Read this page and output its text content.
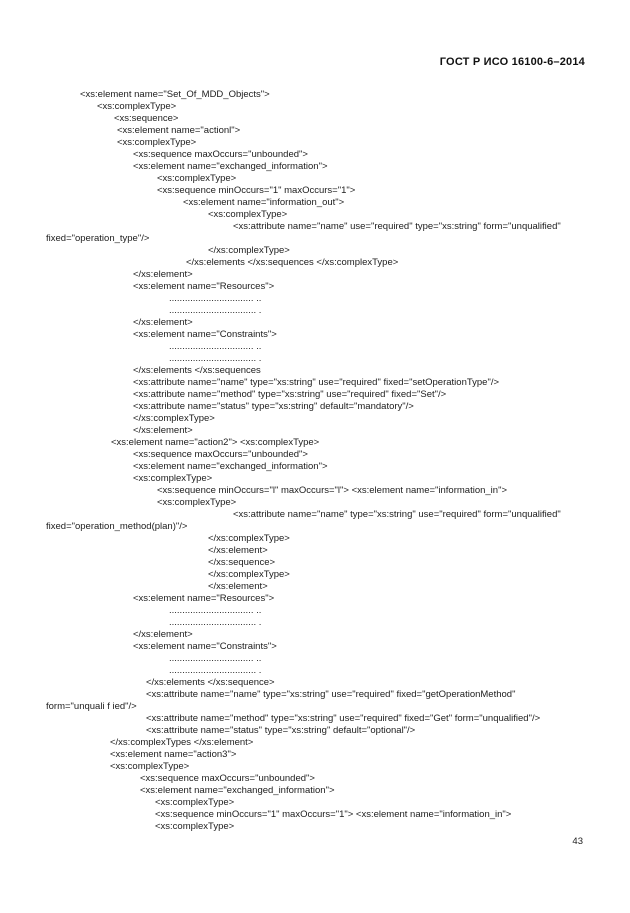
ГОСТ Р ИСО 16100-6–2014
<xs:element name="Set_Of_MDD_Objects">
<xs:complexType>
<xs:sequence>
<xs:element name="actionl">
<xs:complexType>
<xs:sequence maxOccurs="unbounded">
<xs:element name="exchanged_information">
<xs:complexType>
<xs:sequence minOccurs="1" maxOccurs="1">
<xs:element name="information_out">
<xs:complexType>
<xs:attribute name="name" use="required" type="xs:string" form="unqualified"
fixed="operation_type"/>
</xs:complexType>
</xs:elements </xs:sequences </xs:complexType>
</xs:element>
<xs:element name="Resources">
................................ ..
................................. .
</xs:element>
<xs:element name="Constraints">
................................ ..
................................. .
</xs:elements </xs:sequences
<xs:attribute name="name" type="xs:string" use="required" fixed="setOperationType"/>
<xs:attribute name="method" type="xs:string" use="required" fixed="Set"/>
<xs:attribute name="status" type="xs:string" default="mandatory"/>
</xs:complexType>
</xs:element>
<xs:element name="action2"> <xs:complexType>
<xs:sequence maxOccurs="unbounded">
<xs:element name="exchanged_information">
<xs:complexType>
<xs:sequence minOccurs="l" maxOccurs="l"> <xs:element name="information_in">
<xs:complexType>
<xs:attribute name="name" type="xs:string" use="required" form="unqualified"
fixed="operation_method(plan)"/>
</xs:complexType>
</xs:element>
</xs:sequence>
</xs:complexType>
</xs:element>
<xs:element name="Resources">
................................ ..
................................. .
</xs:element>
<xs:element name="Constraints">
................................ ..
................................. .
</xs:elements </xs:sequence>
<xs:attribute name="name" type="xs:string" use="required" fixed="getOperationMethod"
form="unquali f ied"/>
<xs:attribute name="method" type="xs:string" use="required" fixed="Get" form="unqualified"/>
<xs:attribute name="status" type="xs:string" default="optional"/>
</xs:complexTypes </xs:element>
<xs:element name="action3">
<xs:complexType>
<xs:sequence maxOccurs="unbounded">
<xs:element name="exchanged_information">
<xs:complexType>
<xs:sequence minOccurs="1" maxOccurs="1"> <xs:element name="information_in">
<xs:complexType>
43
